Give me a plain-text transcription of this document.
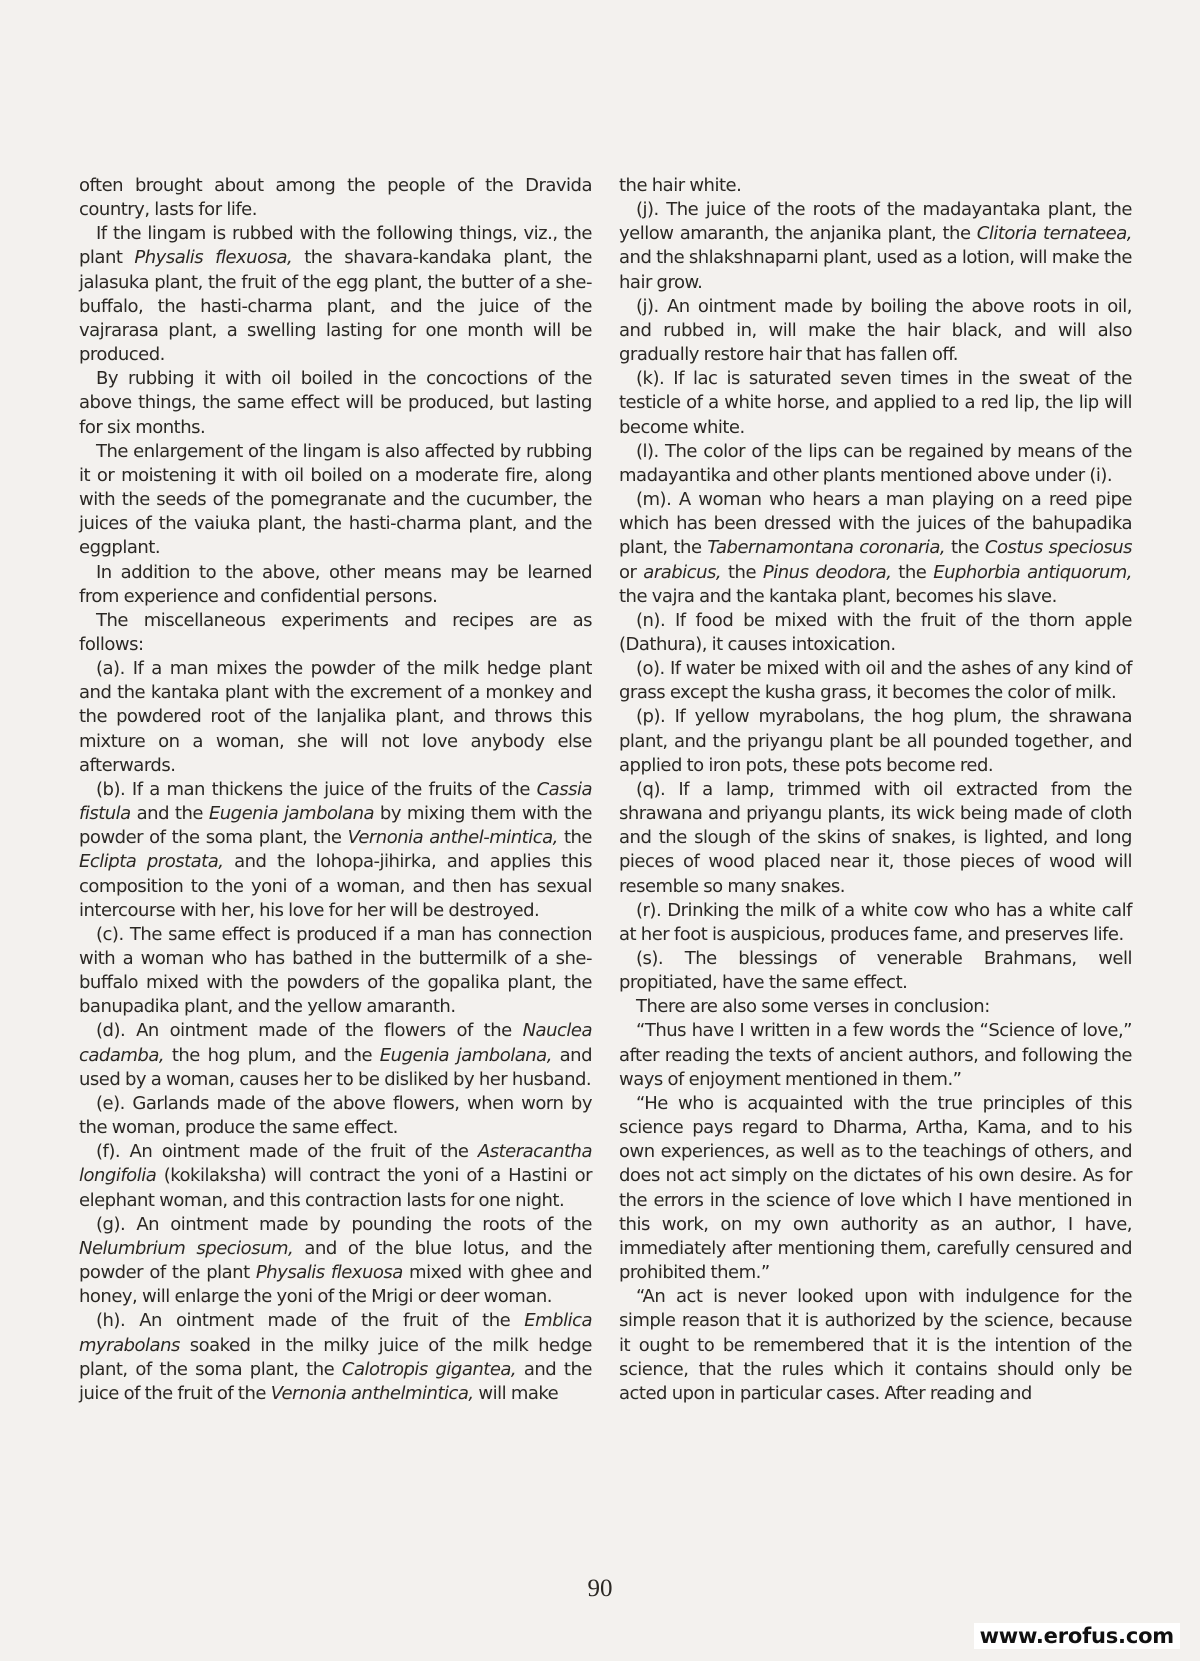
often brought about among the people of the Dravida country, lasts for life.

If the lingam is rubbed with the following things, viz., the plant Physalis flexuosa, the shavara-kandaka plant, the jalasuka plant, the fruit of the egg plant, the butter of a she-buffalo, the hasti-charma plant, and the juice of the vajrarasa plant, a swelling lasting for one month will be produced.

By rubbing it with oil boiled in the concoctions of the above things, the same effect will be produced, but lasting for six months.

The enlargement of the lingam is also affected by rubbing it or moistening it with oil boiled on a moderate fire, along with the seeds of the pomegranate and the cucumber, the juices of the vaiuka plant, the hasti-charma plant, and the eggplant.

In addition to the above, other means may be learned from experience and confidential persons.

The miscellaneous experiments and recipes are as follows:

(a). If a man mixes the powder of the milk hedge plant and the kantaka plant with the excrement of a monkey and the powdered root of the lanjalika plant, and throws this mixture on a woman, she will not love anybody else afterwards.

(b). If a man thickens the juice of the fruits of the Cassia fistula and the Eugenia jambolana by mixing them with the powder of the soma plant, the Vernonia anthel-mintica, the Eclipta prostata, and the lohopa-jihirka, and applies this composition to the yoni of a woman, and then has sexual intercourse with her, his love for her will be destroyed.

(c). The same effect is produced if a man has connection with a woman who has bathed in the buttermilk of a she-buffalo mixed with the powders of the gopalika plant, the banupadika plant, and the yellow amaranth.

(d). An ointment made of the flowers of the Nauclea cadamba, the hog plum, and the Eugenia jambolana, and used by a woman, causes her to be disliked by her husband.

(e). Garlands made of the above flowers, when worn by the woman, produce the same effect.

(f). An ointment made of the fruit of the Asteracantha longifolia (kokilaksha) will contract the yoni of a Hastini or elephant woman, and this contraction lasts for one night.

(g). An ointment made by pounding the roots of the Nelumbrium speciosum, and of the blue lotus, and the powder of the plant Physalis flexuosa mixed with ghee and honey, will enlarge the yoni of the Mrigi or deer woman.

(h). An ointment made of the fruit of the Emblica myrabolans soaked in the milky juice of the milk hedge plant, of the soma plant, the Calotropis gigantea, and the juice of the fruit of the Vernonia anthelmintica, will make

the hair white.

(j). The juice of the roots of the madayantaka plant, the yellow amaranth, the anjanika plant, the Clitoria ternateea, and the shlakshnaparni plant, used as a lotion, will make the hair grow.

(j). An ointment made by boiling the above roots in oil, and rubbed in, will make the hair black, and will also gradually restore hair that has fallen off.

(k). If lac is saturated seven times in the sweat of the testicle of a white horse, and applied to a red lip, the lip will become white.

(l). The color of the lips can be regained by means of the madayantika and other plants mentioned above under (i).

(m). A woman who hears a man playing on a reed pipe which has been dressed with the juices of the bahupadika plant, the Tabernamontana coronaria, the Costus speciosus or arabicus, the Pinus deodora, the Euphorbia antiquorum, the vajra and the kantaka plant, becomes his slave.

(n). If food be mixed with the fruit of the thorn apple (Dathura), it causes intoxication.

(o). If water be mixed with oil and the ashes of any kind of grass except the kusha grass, it becomes the color of milk.

(p). If yellow myrabolans, the hog plum, the shrawana plant, and the priyangu plant be all pounded together, and applied to iron pots, these pots become red.

(q). If a lamp, trimmed with oil extracted from the shrawana and priyangu plants, its wick being made of cloth and the slough of the skins of snakes, is lighted, and long pieces of wood placed near it, those pieces of wood will resemble so many snakes.

(r). Drinking the milk of a white cow who has a white calf at her foot is auspicious, produces fame, and preserves life.

(s). The blessings of venerable Brahmans, well propitiated, have the same effect.

There are also some verses in conclusion:

“Thus have I written in a few words the “Science of love,” after reading the texts of ancient authors, and following the ways of enjoyment mentioned in them.”

“He who is acquainted with the true principles of this science pays regard to Dharma, Artha, Kama, and to his own experiences, as well as to the teachings of others, and does not act simply on the dictates of his own desire. As for the errors in the science of love which I have mentioned in this work, on my own authority as an author, I have, immediately after mentioning them, carefully censured and prohibited them.”

“An act is never looked upon with indulgence for the simple reason that it is authorized by the science, because it ought to be remembered that it is the intention of the science, that the rules which it contains should only be acted upon in particular cases. After reading and

90
www.erofus.com
